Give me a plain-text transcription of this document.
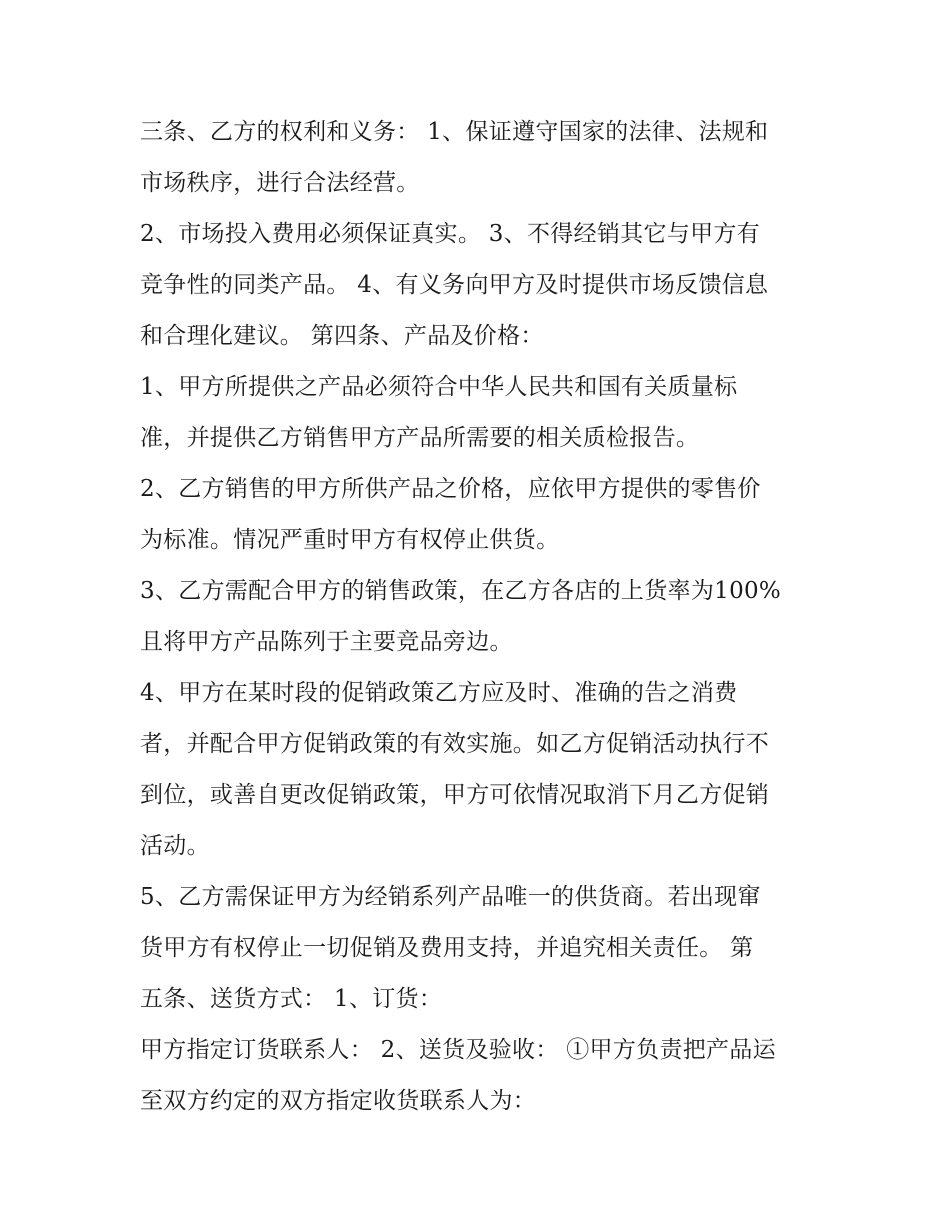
三条、乙方的权利和义务： 1、保证遵守国家的法律、法规和
市场秩序，进行合法经营。
2、市场投入费用必须保证真实。 3、不得经销其它与甲方有
竞争性的同类产品。 4、有义务向甲方及时提供市场反馈信息
和合理化建议。 第四条、产品及价格：
1、甲方所提供之产品必须符合中华人民共和国有关质量标
准，并提供乙方销售甲方产品所需要的相关质检报告。
2、乙方销售的甲方所供产品之价格，应依甲方提供的零售价
为标准。情况严重时甲方有权停止供货。
3、乙方需配合甲方的销售政策，在乙方各店的上货率为100%
且将甲方产品陈列于主要竞品旁边。
4、甲方在某时段的促销政策乙方应及时、准确的告之消费
者，并配合甲方促销政策的有效实施。如乙方促销活动执行不
到位，或善自更改促销政策，甲方可依情况取消下月乙方促销
活动。
5、乙方需保证甲方为经销系列产品唯一的供货商。若出现窜
货甲方有权停止一切促销及费用支持，并追究相关责任。 第
五条、送货方式： 1、订货：
甲方指定订货联系人： 2、送货及验收： ①甲方负责把产品运
至双方约定的双方指定收货联系人为：
